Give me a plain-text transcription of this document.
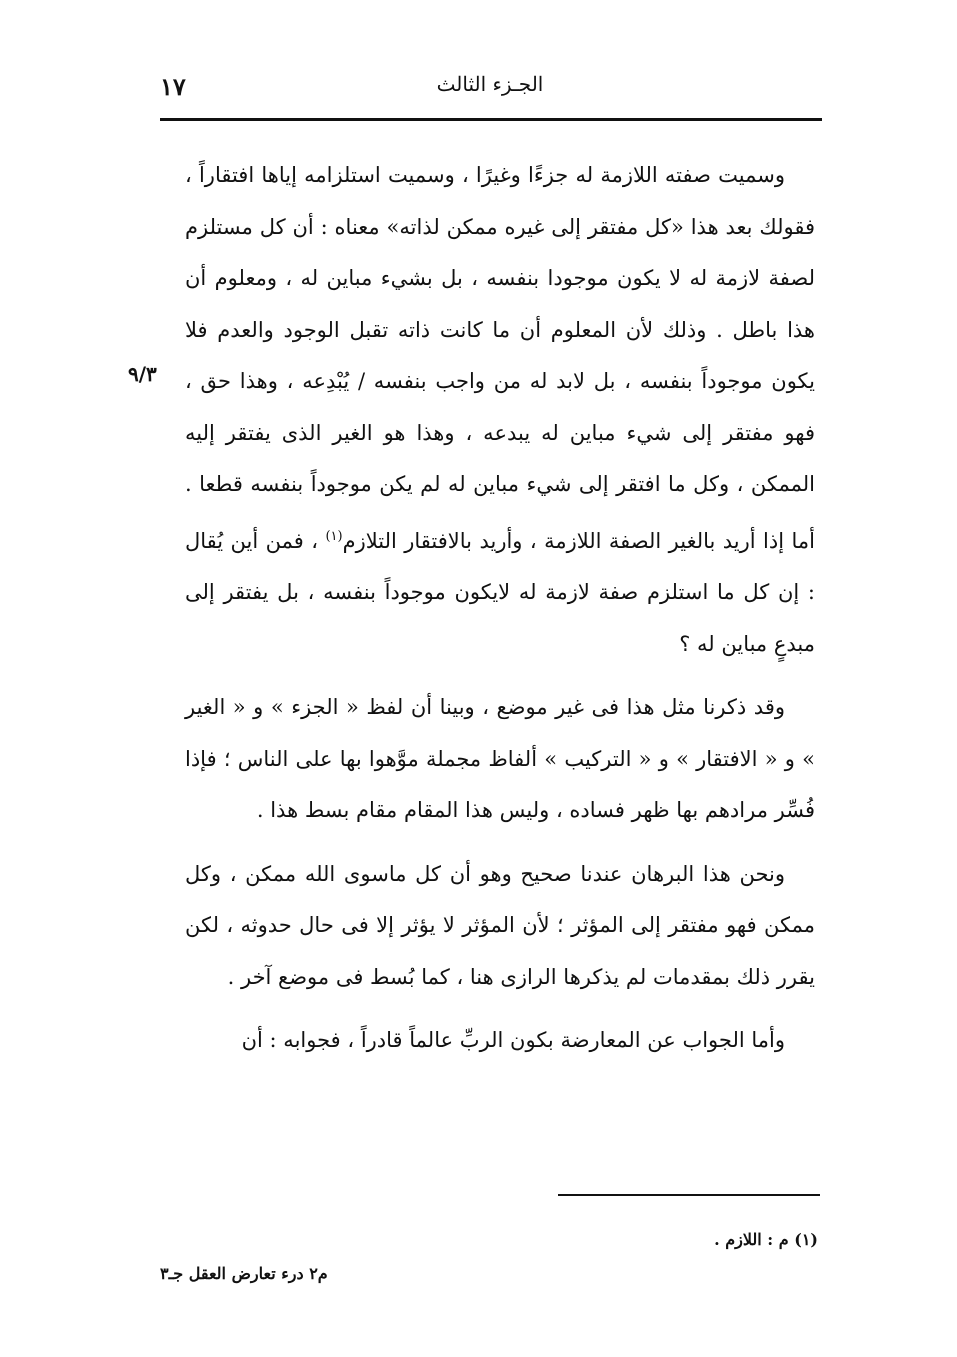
١٧	الجـزء الثالث
٩/٣

وسميت صفته اللازمة له جزءًا وغيرًا ، وسميت استلزامه إياها افتقاراً ، فقولك بعد هذا «كل مفتقر إلى غيره ممكن لذاته» معناه : أن كل مستلزم لصفة لازمة له لا يكون موجودا بنفسه ، بل بشيء مباين له ، ومعلوم أن هذا باطل . وذلك لأن المعلوم أن ما كانت ذاته تقبل الوجود والعدم فلا يكون موجوداً بنفسه ، بل لابد له من واجب بنفسه / يُبْدِعه ، وهذا حق ، فهو مفتقر إلى شيء مباين له يبدعه ، وهذا هو الغير الذى يفتقر إليه الممكن ، وكل ما افتقر إلى شيء مباين له لم يكن موجوداً بنفسه قطعا . أما إذا أريد بالغير الصفة اللازمة ، وأريد بالافتقار التلازم$^{(١)}$ ، فمن أين يُقال : إن كل ما استلزم صفة لازمة له لايكون موجوداً بنفسه ، بل يفتقر إلى مبدعٍ مباين له ؟

وقد ذكرنا مثل هذا فى غير موضع ، وبينا أن لفظ « الجزء » و « الغير » و « الافتقار » و « التركيب » ألفاظ مجملة موَّهوا بها على الناس ؛ فإذا فُسِّر مرادهم بها ظهر فساده ، وليس هذا المقام مقام بسط هذا .

ونحن هذا البرهان عندنا صحيح وهو أن كل ماسوى الله ممكن ، وكل ممكن فهو مفتقر إلى المؤثر ؛ لأن المؤثر لا يؤثر إلا فى حال حدوثه ، لكن يقرر ذلك بمقدمات لم يذكرها الرازى هنا ، كما بُسط فى موضع آخر .

وأما الجواب عن المعارضة بكون الربِّ عالماً قادراً ، فجوابه : أن

(١) م : اللازم .
م٢ درء تعارض العقل جـ٣
